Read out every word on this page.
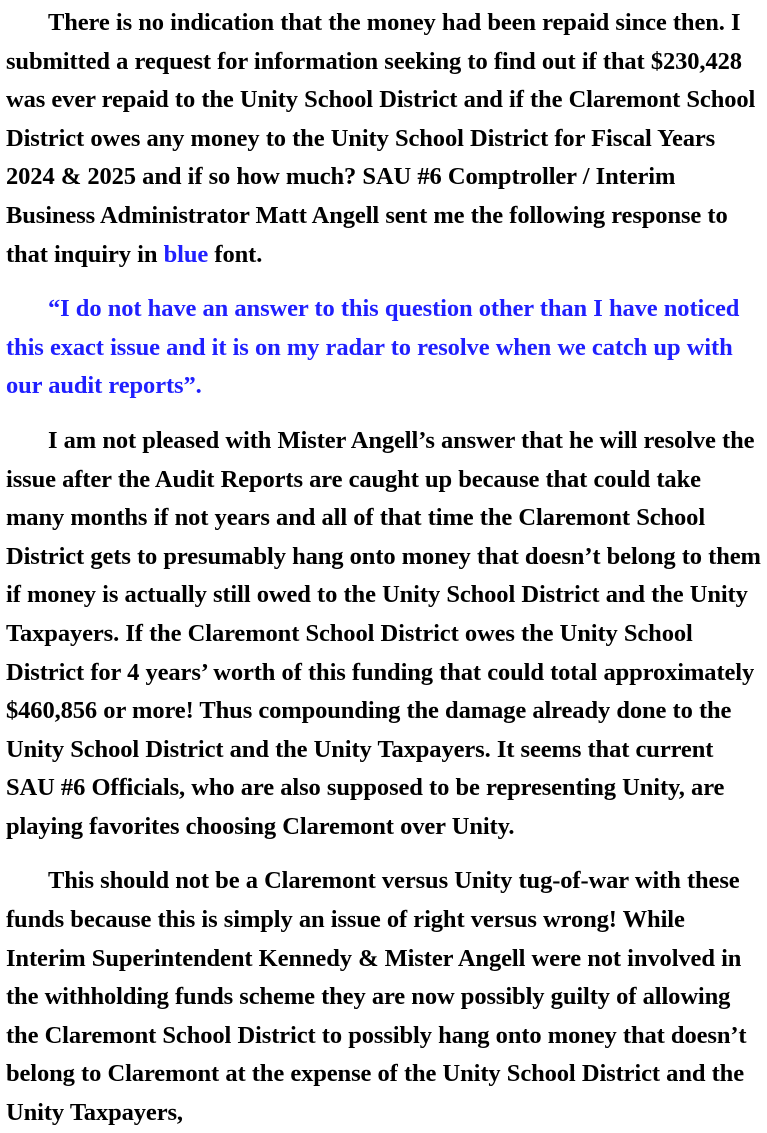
There is no indication that the money had been repaid since then. I submitted a request for information seeking to find out if that $230,428 was ever repaid to the Unity School District and if the Claremont School District owes any money to the Unity School District for Fiscal Years 2024 & 2025 and if so how much? SAU #6 Comptroller / Interim Business Administrator Matt Angell sent me the following response to that inquiry in blue font.

“I do not have an answer to this question other than I have noticed this exact issue and it is on my radar to resolve when we catch up with our audit reports”.

I am not pleased with Mister Angell’s answer that he will resolve the issue after the Audit Reports are caught up because that could take many months if not years and all of that time the Claremont School District gets to presumably hang onto money that doesn’t belong to them if money is actually still owed to the Unity School District and the Unity Taxpayers. If the Claremont School District owes the Unity School District for 4 years’ worth of this funding that could total approximately $460,856 or more! Thus compounding the damage already done to the Unity School District and the Unity Taxpayers. It seems that current SAU #6 Officials, who are also supposed to be representing Unity, are playing favorites choosing Claremont over Unity.

This should not be a Claremont versus Unity tug-of-war with these funds because this is simply an issue of right versus wrong! While Interim Superintendent Kennedy & Mister Angell were not involved in the withholding funds scheme they are now possibly guilty of allowing the Claremont School District to possibly hang onto money that doesn’t belong to Claremont at the expense of the Unity School District and the Unity Taxpayers,
